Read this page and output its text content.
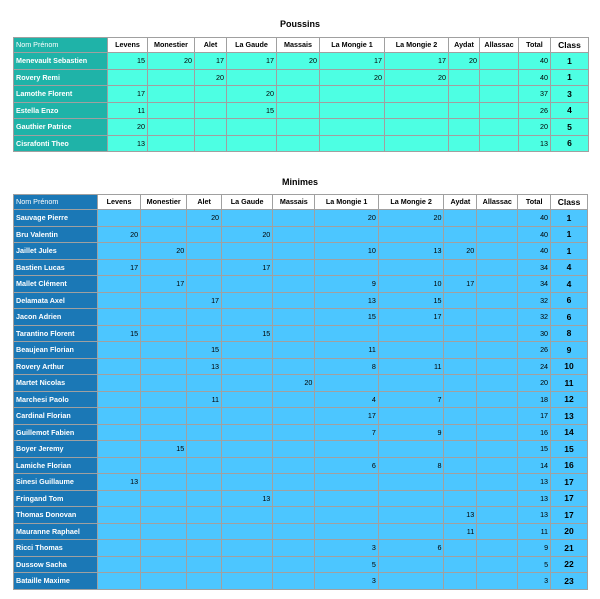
Poussins
Nom Prénom	Levens	Monestier	Alet	La Gaude	Massais	La Mongie 1	La Mongie 2	Aydat	Allassac	Total	Class
Menevault Sebastien	15	20	17	17	20	17	17	20		40	1
Rovery Remi			20			20	20			40	1
Lamothe Florent	17			20						37	3
Estella Enzo	11			15						26	4
Gauthier Patrice	20									20	5
Cisrafonti Theo	13									13	6
Minimes
Nom Prénom	Levens	Monestier	Alet	La Gaude	Massais	La Mongie 1	La Mongie 2	Aydat	Allassac	Total	Class
Sauvage Pierre			20			20	20			40	1
Bru Valentin	20			20						40	1
Jaillet Jules		20				10	13	20		40	1
Bastien Lucas	17			17						34	4
Mallet Clément		17				9	10	17		34	4
Delamata Axel			17			13	15			32	6
Jacon Adrien						15	17			32	6
Tarantino Florent	15			15						30	8
Beaujean Florian			15			11				26	9
Rovery Arthur			13			8	11			24	10
Martet Nicolas					20					20	11
Marchesi Paolo			11			4	7			18	12
Cardinal Florian						17				17	13
Guillemot Fabien						7	9			16	14
Boyer Jeremy		15								15	15
Lamiche Florian						6	8			14	16
Sinesi Guillaume	13									13	17
Fringand Tom				13						13	17
Thomas Donovan								13		13	17
Mauranne Raphael								11		11	20
Ricci Thomas						3	6			9	21
Dussow Sacha						5				5	22
Bataille Maxime						3				3	23
